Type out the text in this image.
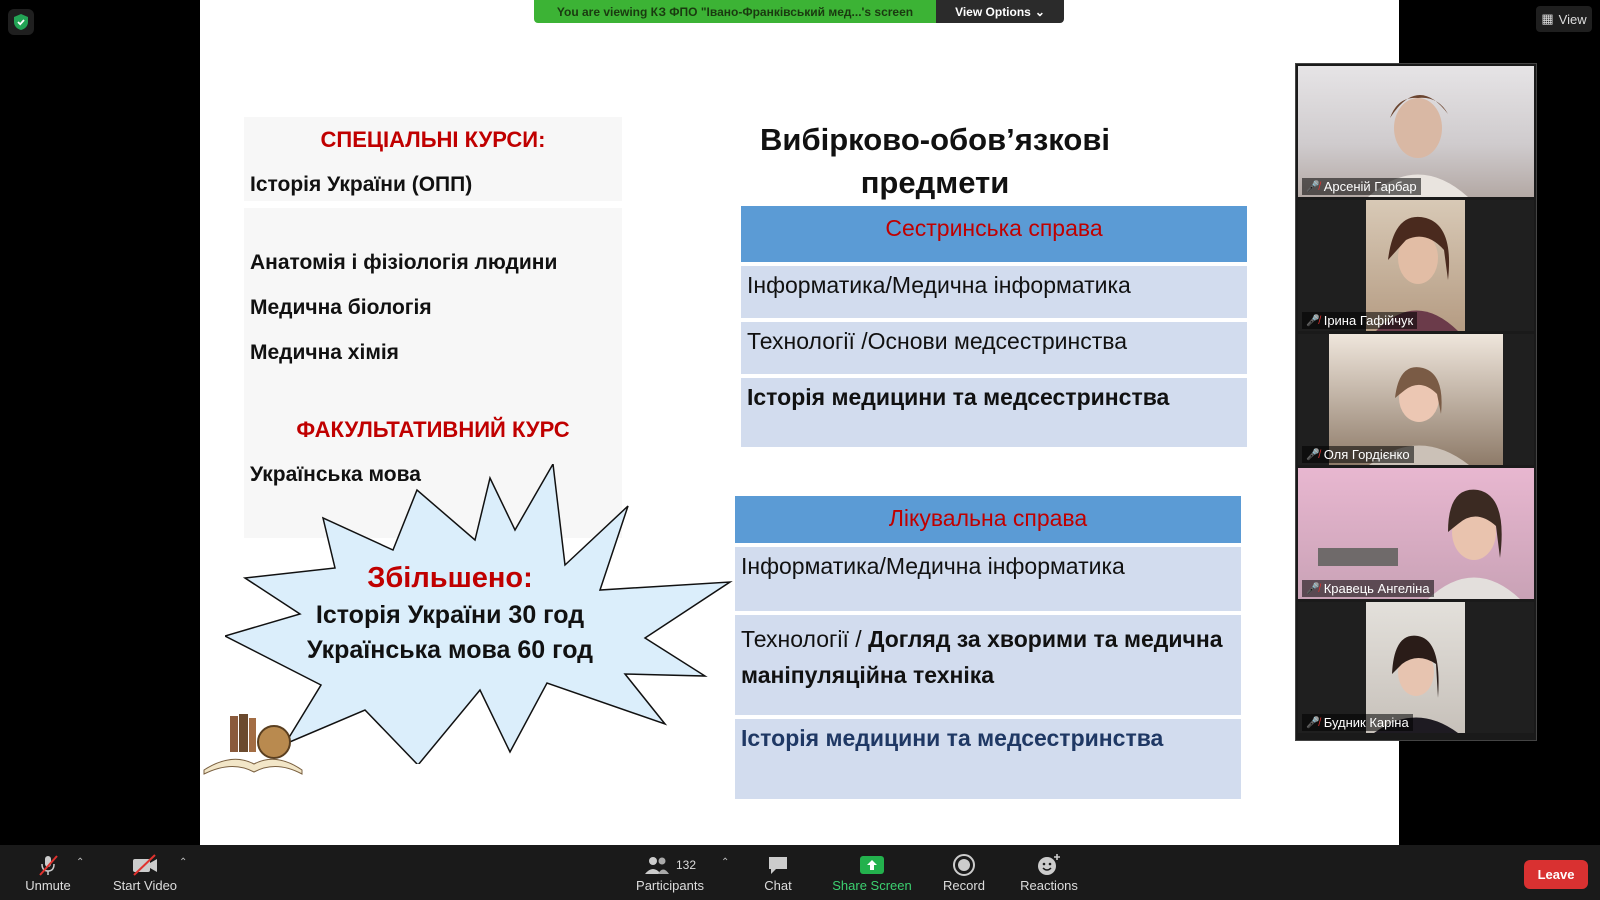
СПЕЦІАЛЬНІ КУРСИ:
Історія України (ОПП)
Анатомія і фізіологія людини
Медична біологія
Медична хімія
ФАКУЛЬТАТИВНИЙ КУРС
Українська мова
Вибірково-обов’язкові
предмети
Сестринська справа
Інформатика/Медична інформатика
Технології /Основи медсестринства
Історія медицини та медсестринства
Лікувальна справа
Інформатика/Медична інформатика
Технології / Догляд за хворими та медична маніпуляційна техніка
Історія медицини та медсестринства
Збільшено:
Історія України 30 год
Українська мова 60 год
You are viewing КЗ ФПО "Івано-Франківський мед...'s screen	View Options ⌄	▦ View
🎤̸ Арсеній Гарбар
🎤̸ Ірина Гафійчук
🎤̸ Оля Гордієнко
🎤̸ Кравець Ангеліна
🎤̸ Будник Каріна
Unmute
⌃
Start Video
⌃	132
Participants
⌃
Chat	Share Screen Record	Reactions
Leave
